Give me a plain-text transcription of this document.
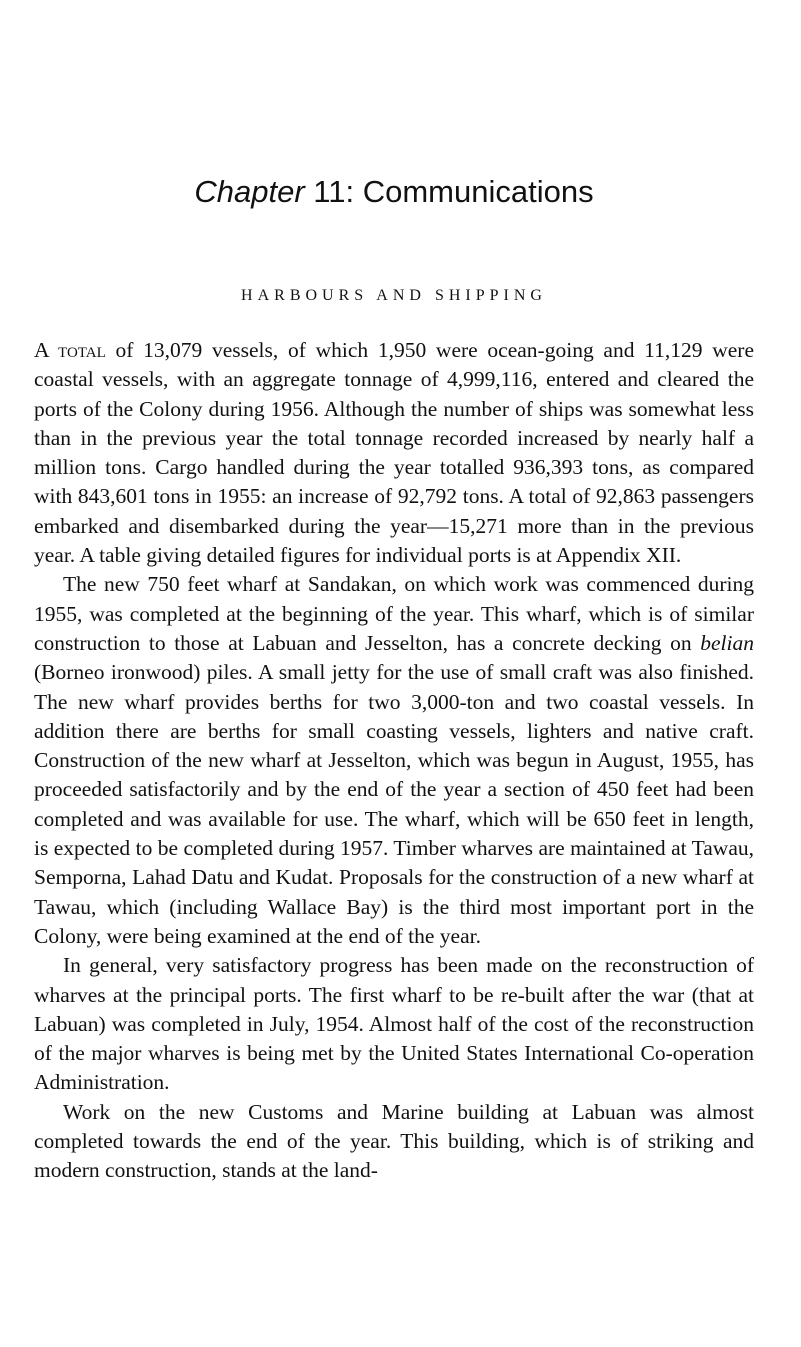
Chapter 11: Communications
HARBOURS AND SHIPPING

A total of 13,079 vessels, of which 1,950 were ocean-going and 11,129 were coastal vessels, with an aggregate tonnage of 4,999,116, entered and cleared the ports of the Colony during 1956. Although the number of ships was somewhat less than in the previous year the total tonnage recorded increased by nearly half a million tons. Cargo handled during the year totalled 936,393 tons, as compared with 843,601 tons in 1955: an increase of 92,792 tons. A total of 92,863 passengers embarked and disembarked during the year—15,271 more than in the previous year. A table giving detailed figures for individual ports is at Appendix XII.

The new 750 feet wharf at Sandakan, on which work was commenced during 1955, was completed at the beginning of the year. This wharf, which is of similar construction to those at Labuan and Jesselton, has a concrete decking on belian (Borneo ironwood) piles. A small jetty for the use of small craft was also finished. The new wharf provides berths for two 3,000-ton and two coastal vessels. In addition there are berths for small coasting vessels, lighters and native craft. Construction of the new wharf at Jesselton, which was begun in August, 1955, has proceeded satisfactorily and by the end of the year a section of 450 feet had been completed and was available for use. The wharf, which will be 650 feet in length, is expected to be completed during 1957. Timber wharves are maintained at Tawau, Semporna, Lahad Datu and Kudat. Proposals for the construction of a new wharf at Tawau, which (including Wallace Bay) is the third most important port in the Colony, were being examined at the end of the year.

In general, very satisfactory progress has been made on the reconstruction of wharves at the principal ports. The first wharf to be re-built after the war (that at Labuan) was completed in July, 1954. Almost half of the cost of the reconstruction of the major wharves is being met by the United States International Co-operation Administration.

Work on the new Customs and Marine building at Labuan was almost completed towards the end of the year. This building, which is of striking and modern construction, stands at the land-
